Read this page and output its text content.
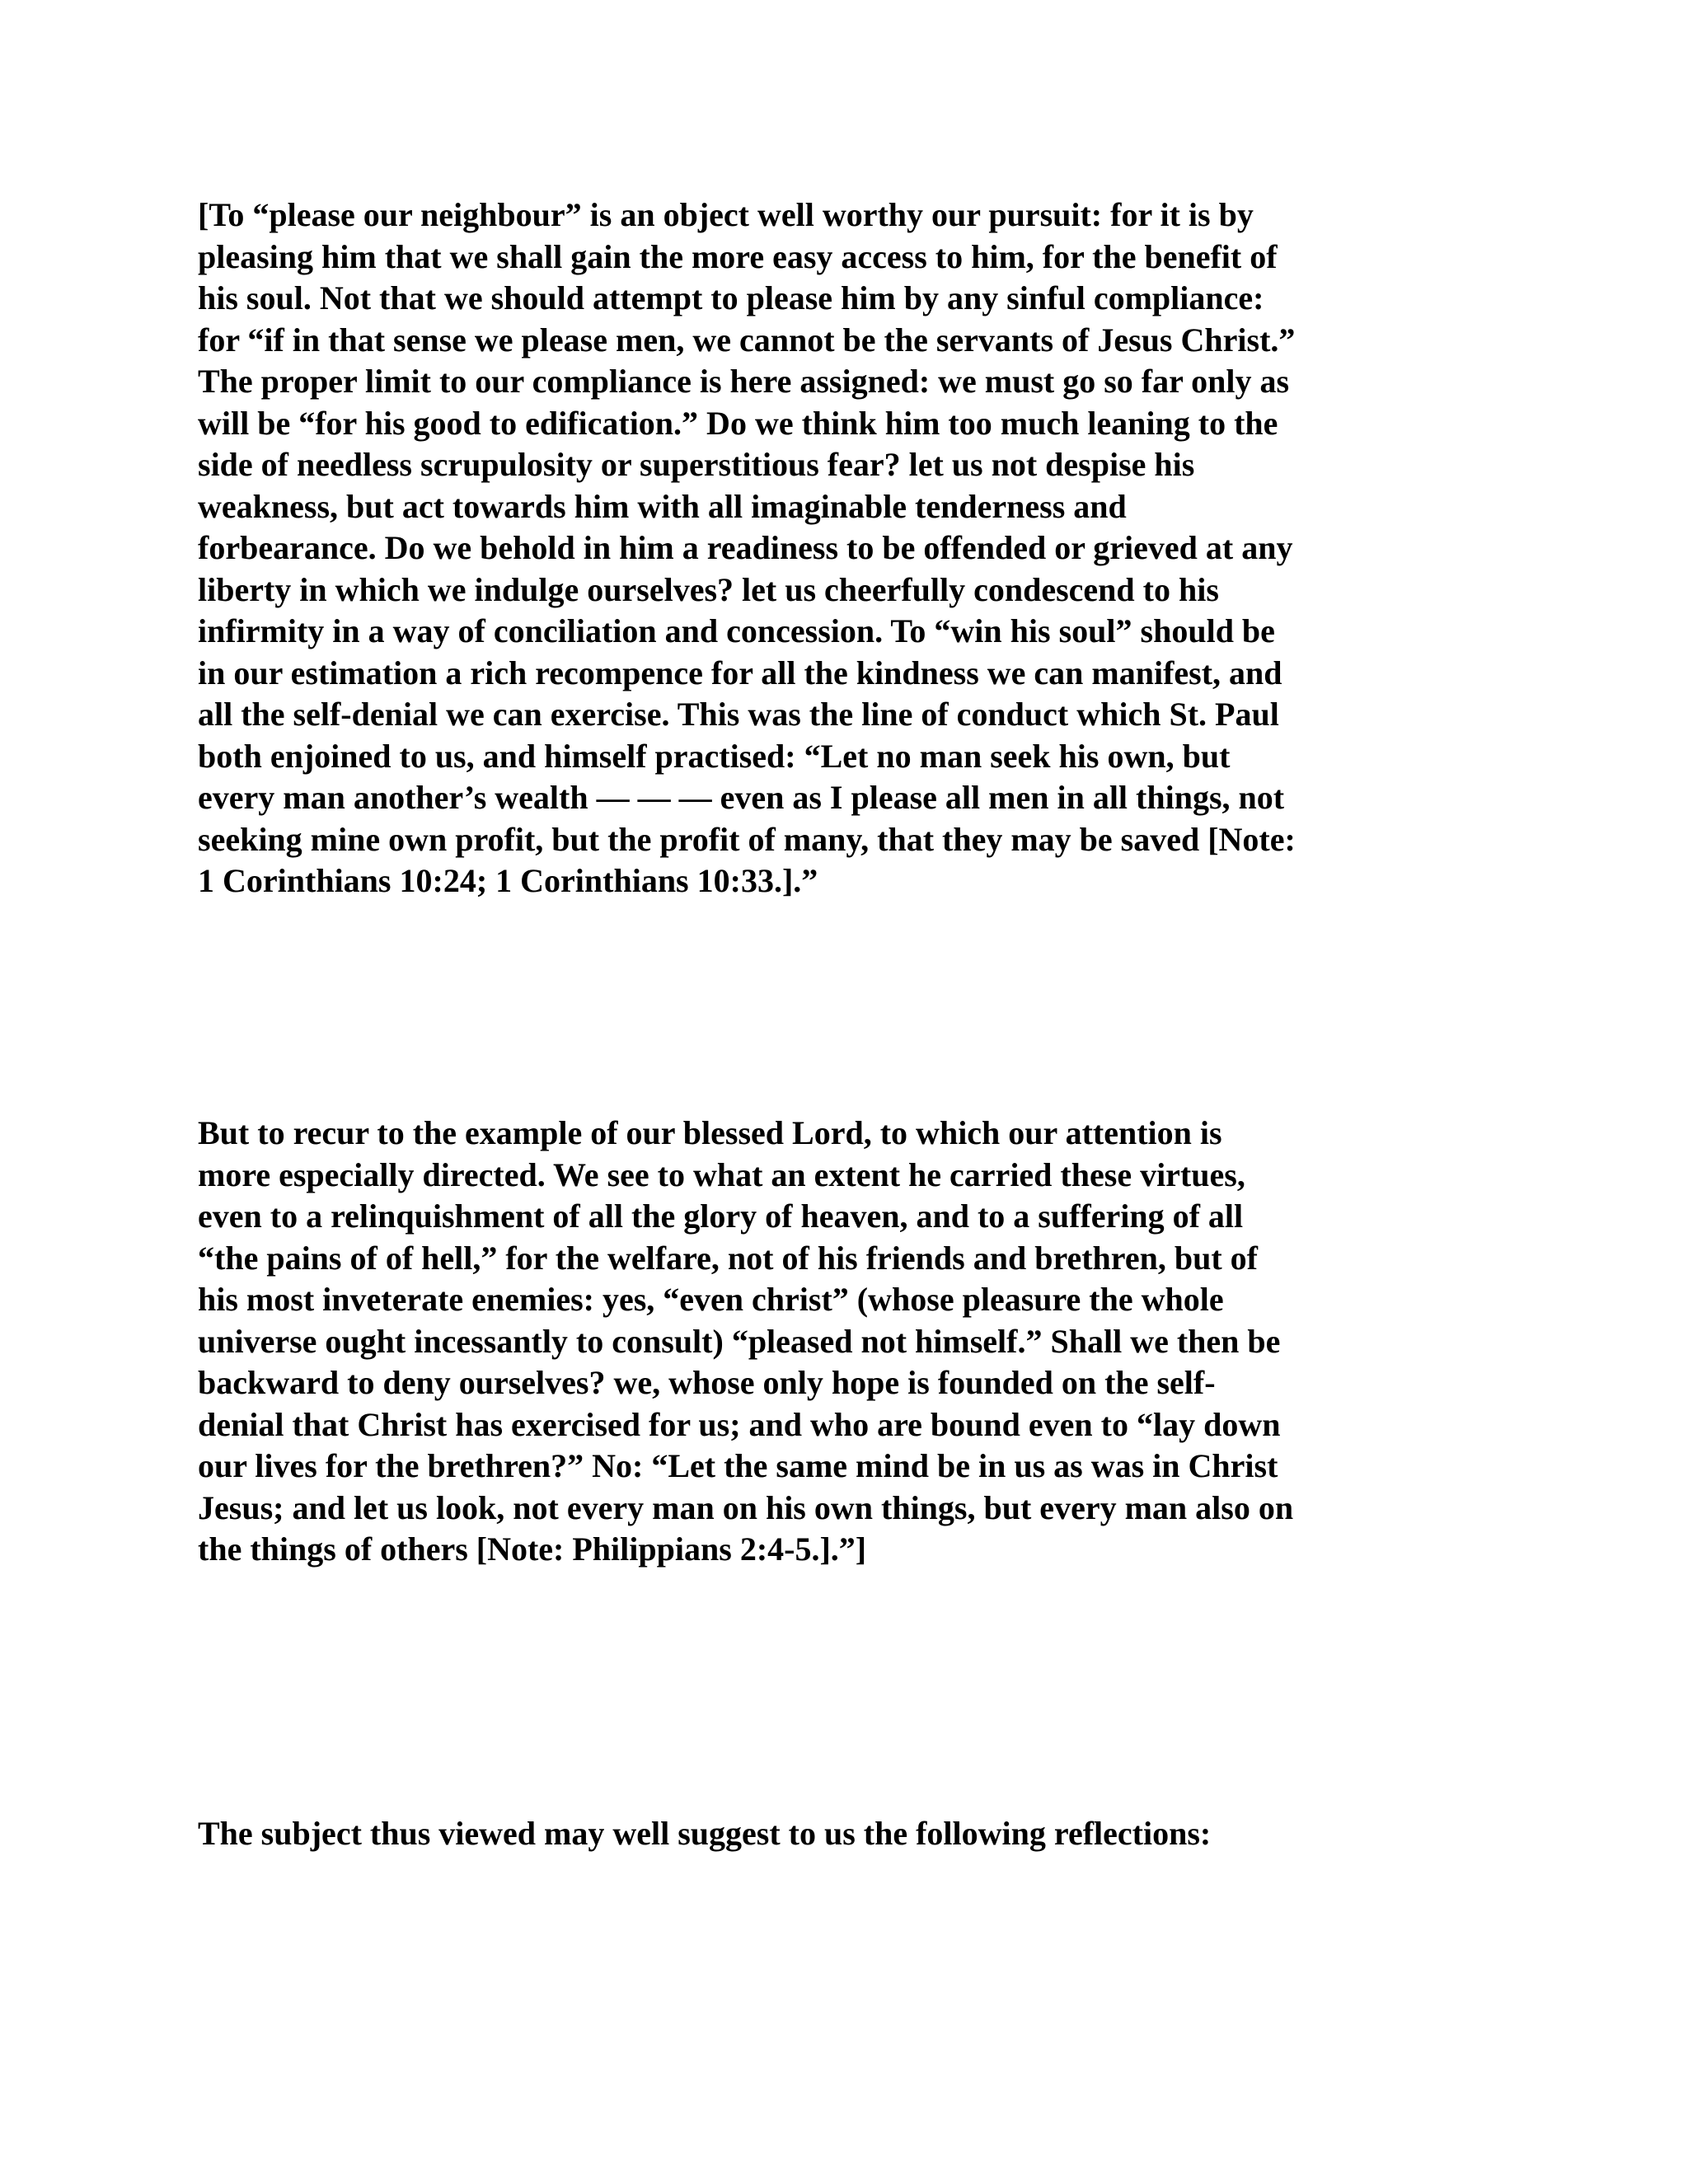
[To “please our neighbour” is an object well worthy our pursuit: for it is by
pleasing him that we shall gain the more easy access to him, for the benefit of
his soul. Not that we should attempt to please him by any sinful compliance:
for “if in that sense we please men, we cannot be the servants of Jesus Christ.”
The proper limit to our compliance is here assigned: we must go so far only as
will be “for his good to edification.” Do we think him too much leaning to the
side of needless scrupulosity or superstitious fear? let us not despise his
weakness, but act towards him with all imaginable tenderness and
forbearance. Do we behold in him a readiness to be offended or grieved at any
liberty in which we indulge ourselves? let us cheerfully condescend to his
infirmity in a way of conciliation and concession. To “win his soul” should be
in our estimation a rich recompence for all the kindness we can manifest, and
all the self-denial we can exercise. This was the line of conduct which St. Paul
both enjoined to us, and himself practised: “Let no man seek his own, but
every man another’s wealth — — — even as I please all men in all things, not
seeking mine own profit, but the profit of many, that they may be saved [Note:
1 Corinthians 10:24; 1 Corinthians 10:33.].”

But to recur to the example of our blessed Lord, to which our attention is
more especially directed. We see to what an extent he carried these virtues,
even to a relinquishment of all the glory of heaven, and to a suffering of all
“the pains of of hell,” for the welfare, not of his friends and brethren, but of
his most inveterate enemies: yes, “even christ” (whose pleasure the whole
universe ought incessantly to consult) “pleased not himself.” Shall we then be
backward to deny ourselves? we, whose only hope is founded on the self-
denial that Christ has exercised for us; and who are bound even to “lay down
our lives for the brethren?” No: “Let the same mind be in us as was in Christ
Jesus; and let us look, not every man on his own things, but every man also on
the things of others [Note: Philippians 2:4-5.].”]

The subject thus viewed may well suggest to us the following reflections:
